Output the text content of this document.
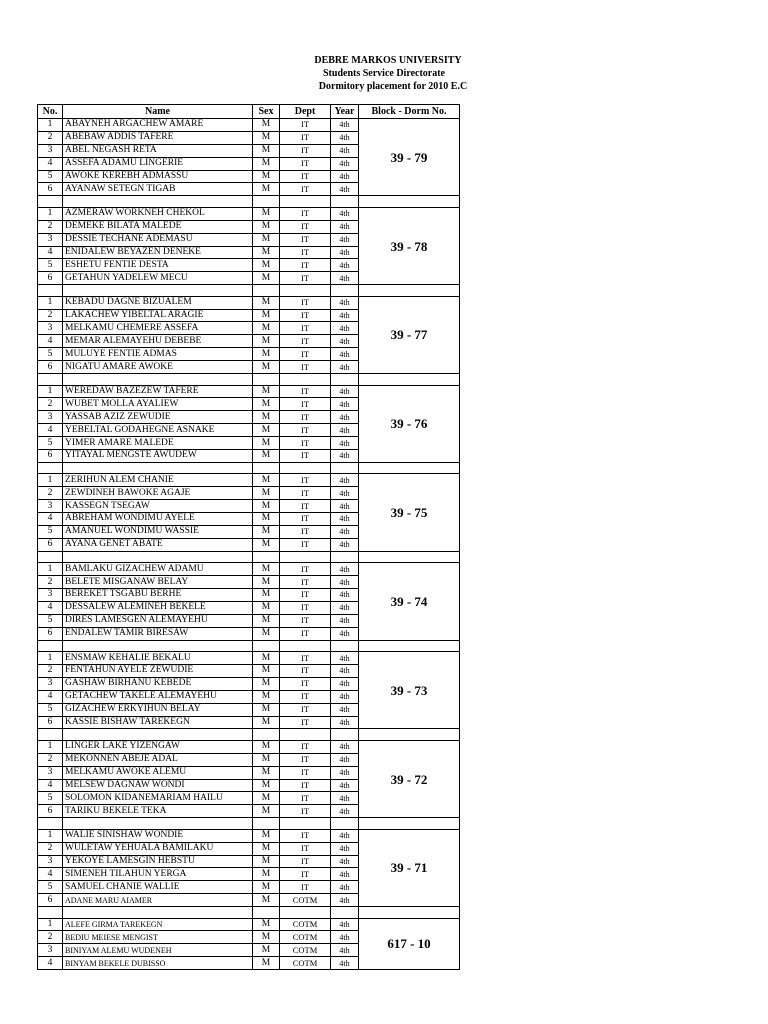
DEBRE MARKOS UNIVERSITY
Students Service Directorate
Dormitory placement for 2010 E.C
No.	Name	Sex	Dept	Year	Block - Dorm No.
1	ABAYNEH ARGACHEW AMARE	M	IT	4th	39 - 79
2	ABEBAW ADDIS TAFERE	M	IT	4th	
3	ABEL NEGASH RETA	M	IT	4th	
4	ASSEFA ADAMU LINGERIE	M	IT	4th	
5	AWOKE KEREBH ADMASSU	M	IT	4th	
6	AYANAW SETEGN TIGAB	M	IT	4th	

1	AZMERAW WORKNEH CHEKOL	M	IT	4th	39 - 78
2	DEMEKE BILATA MALEDE	M	IT	4th	
3	DESSIE TECHANE ADEMASU	M	IT	4th	
4	ENIDALEW BEYAZEN DENEKE	M	IT	4th	
5	ESHETU FENTIE DESTA	M	IT	4th	
6	GETAHUN YADELEW MECU	M	IT	4th	

1	KEBADU DAGNE BIZUALEM	M	IT	4th	39 - 77
2	LAKACHEW YIBELTAL ARAGIE	M	IT	4th	
3	MELKAMU CHEMERE ASSEFA	M	IT	4th	
4	MEMAR ALEMAYEHU DEBEBE	M	IT	4th	
5	MULUYE FENTIE ADMAS	M	IT	4th	
6	NIGATU AMARE AWOKE	M	IT	4th	

1	WEREDAW BAZEZEW TAFERE	M	IT	4th	39 - 76
2	WUBET MOLLA AYALIEW	M	IT	4th	
3	YASSAB AZIZ ZEWUDIE	M	IT	4th	
4	YEBELTAL GODAHEGNE ASNAKE	M	IT	4th	
5	YIMER AMARE MALEDE	M	IT	4th	
6	YITAYAL MENGSTE AWUDEW	M	IT	4th	

1	ZERIHUN ALEM CHANIE	M	IT	4th	39 - 75
2	ZEWDINEH BAWOKE AGAJE	M	IT	4th	
3	KASSEGN TSEGAW	M	IT	4th	
4	ABREHAM WONDIMU AYELE	M	IT	4th	
5	AMANUEL WONDIMU WASSIE	M	IT	4th	
6	AYANA GENET ABATE	M	IT	4th	

1	BAMLAKU GIZACHEW ADAMU	M	IT	4th	39 - 74
2	BELETE MISGANAW BELAY	M	IT	4th	
3	BEREKET TSGABU BERHE	M	IT	4th	
4	DESSALEW ALEMINEH BEKELE	M	IT	4th	
5	DIRES LAMESGEN ALEMAYEHU	M	IT	4th	
6	ENDALEW TAMIR BIRESAW	M	IT	4th	

1	ENSMAW KEHALIE BEKALU	M	IT	4th	39 - 73
2	FENTAHUN AYELE ZEWUDIE	M	IT	4th	
3	GASHAW BIRHANU KEBEDE	M	IT	4th	
4	GETACHEW TAKELE ALEMAYEHU	M	IT	4th	
5	GIZACHEW ERKYIHUN BELAY	M	IT	4th	
6	KASSIE BISHAW TAREKEGN	M	IT	4th	

1	LINGER LAKE YIZENGAW	M	IT	4th	39 - 72
2	MEKONNEN ABEJE ADAL	M	IT	4th	
3	MELKAMU AWOKE ALEMU	M	IT	4th	
4	MELSEW DAGNAW WONDI	M	IT	4th	
5	SOLOMON KIDANEMARIAM HAILU	M	IT	4th	
6	TARIKU BEKELE TEKA	M	IT	4th	

1	WALIE SINISHAW WONDIE	M	IT	4th	39 - 71
2	WULETAW YEHUALA BAMILAKU	M	IT	4th	
3	YEKOYE LAMESGIN HEBSTU	M	IT	4th	
4	SIMENEH TILAHUN YERGA	M	IT	4th	
5	SAMUEL CHANIE WALLIE	M	IT	4th	
6	ADANE MARU AIAMER	M	COTM	4th	

1	ALEFE GIRMA TAREKEGN	M	COTM	4th	617 - 10
2	BEDIU MEIESE MENGIST	M	COTM	4th	
3	BINIYAM ALEMU WUDENEH	M	COTM	4th	
4	BINYAM BEKELE DUBISSO	M	COTM	4th	
